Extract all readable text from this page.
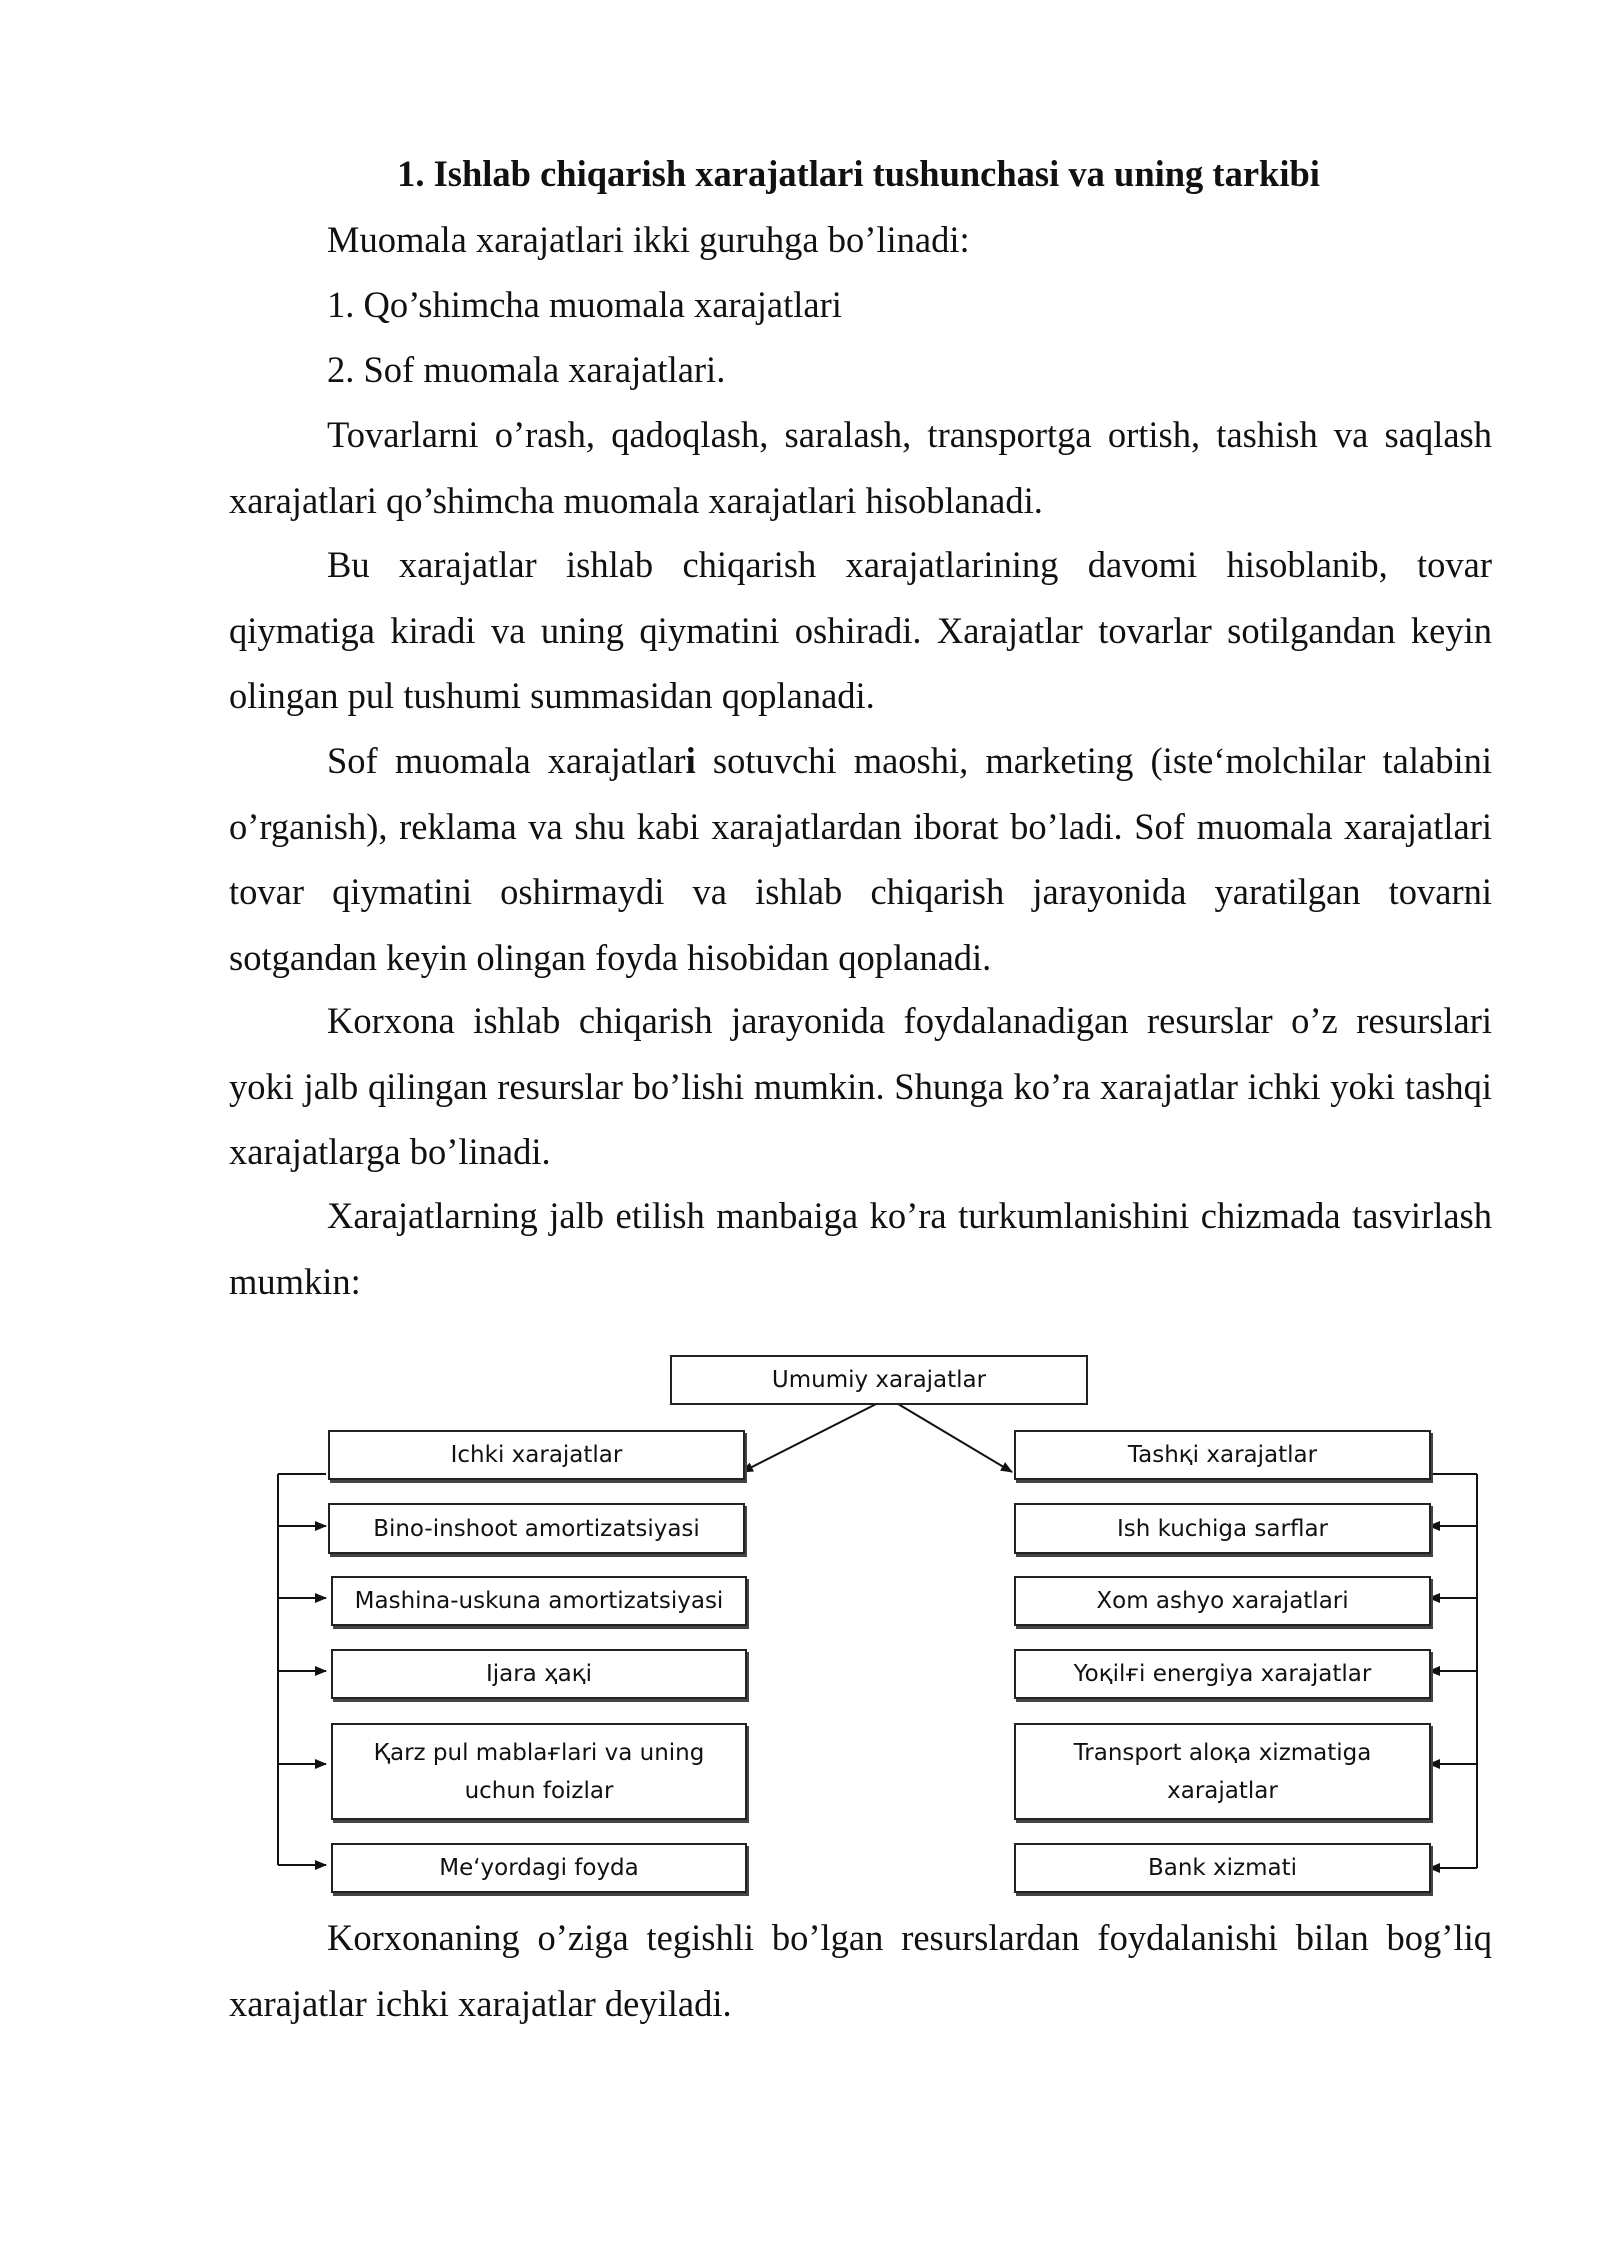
1. Ishlab chiqarish xarajatlari tushunchasi va uning tarkibi

Muomala xarajatlari ikki guruhga bo’linadi:

1. Qo’shimcha muomala xarajatlari

2. Sof muomala xarajatlari.

Tovarlarni o’rash, qadoqlash, saralash, transportga ortish, tashish va saqlash xarajatlari qo’shimcha muomala xarajatlari hisoblanadi.

Bu xarajatlar ishlab chiqarish xarajatlarining davomi hisoblanib, tovar qiymatiga kiradi va uning qiymatini oshiradi. Xarajatlar tovarlar sotilgandan keyin olingan pul tushumi summasidan qoplanadi.

Sof muomala xarajatlari sotuvchi maoshi, marketing (iste‘molchilar talabini o’rganish), reklama va shu kabi xarajatlardan iborat bo’ladi. Sof muomala xarajatlari tovar qiymatini oshirmaydi va ishlab chiqarish jarayonida yaratilgan tovarni sotgandan keyin olingan foyda hisobidan qoplanadi.

Korxona ishlab chiqarish jarayonida foydalanadigan resurslar o’z resurslari yoki jalb qilingan resurslar bo’lishi mumkin. Shunga ko’ra xarajatlar ichki yoki tashqi xarajatlarga bo’linadi.

Xarajatlarning jalb etilish manbaiga ko’ra turkumlanishini chizmada tasvirlash mumkin:

Umumiy xarajatlar
Ichki xarajatlar	Tashқi xarajatlar
Bino-inshoot amortizatsiyasi
Mashina-uskuna amortizatsiyasi
Ijara ҳақi
Қarz pul mablaғlari va uning uchun foizlar
Me‘yordagi foyda
Ish kuchiga sarflar
Xom ashyo xarajatlari
Yoқilғi energiya xarajatlar
Transport aloқa xizmatiga xarajatlar
Bank xizmati

Korxonaning o’ziga tegishli bo’lgan resurslardan foydalanishi bilan bog’liq xarajatlar ichki xarajatlar deyiladi.
